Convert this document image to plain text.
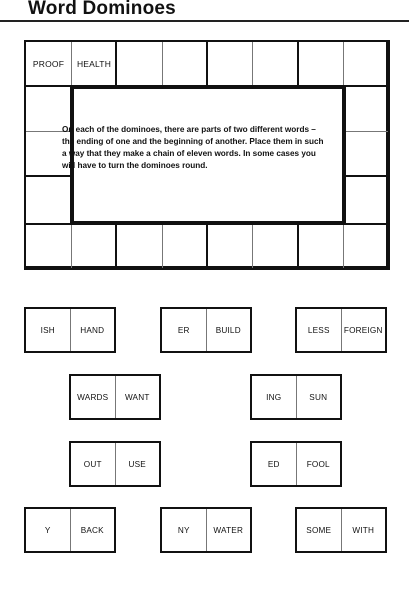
Word Dominoes
PROOF	HEALTH
On each of the dominoes, there are parts of two different words – the ending of one and the beginning of another. Place them in such a way that they make a chain of eleven words. In some cases you will have to turn the dominoes round.
ISH	HAND	ER	BUILD	LESS	FOREIGN
WARDS	WANT	ING	SUN
OUT	USE	ED	FOOL
Y	BACK	NY	WATER	SOME	WITH
